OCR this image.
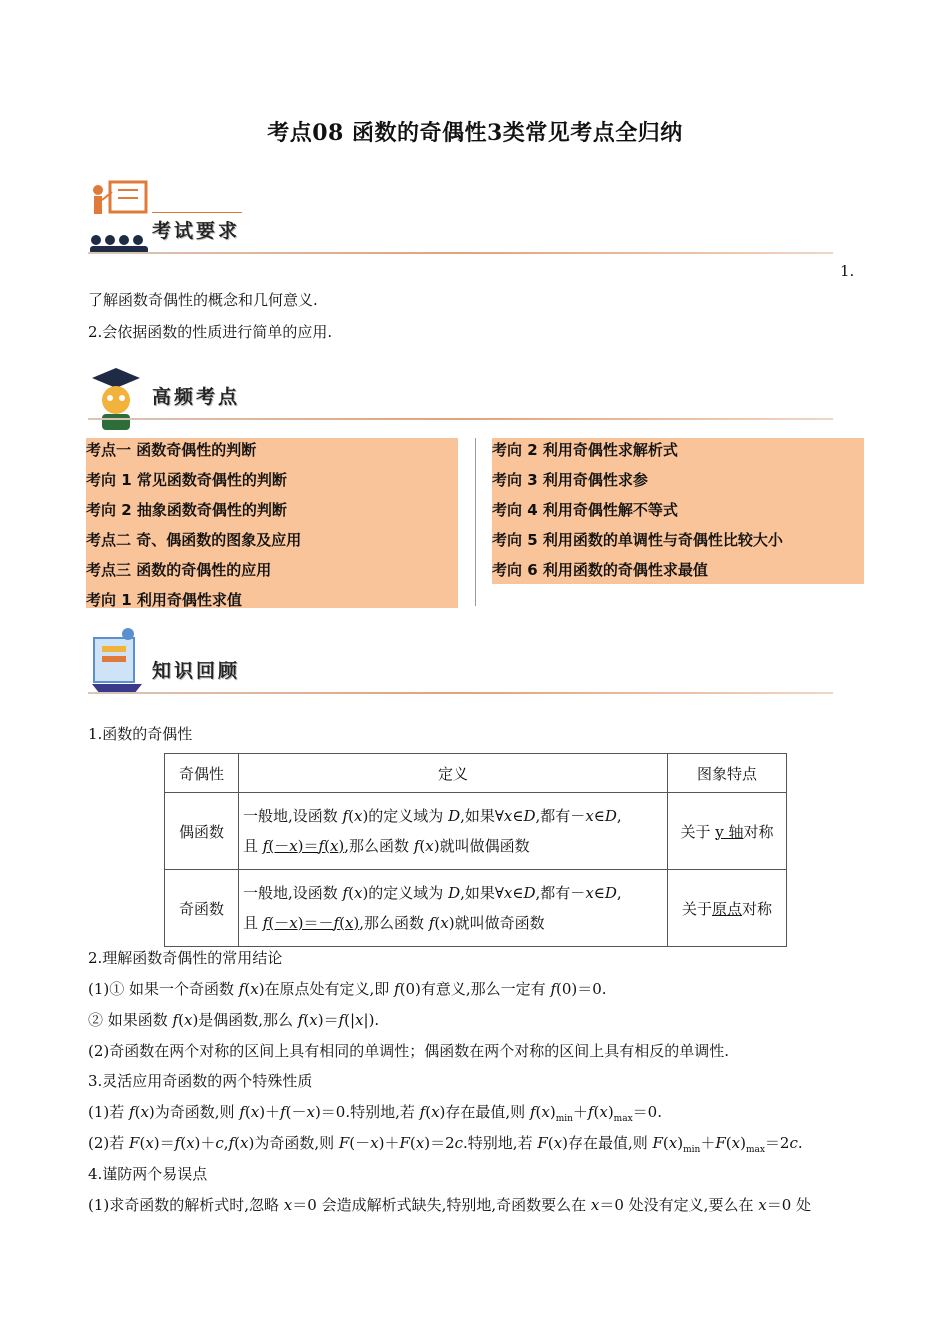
考点08 函数的奇偶性3类常见考点全归纳
考试要求
1.
了解函数奇偶性的概念和几何意义.
2.会依据函数的性质进行简单的应用.
高频考点
考点一 函数奇偶性的判断
考向 1 常见函数奇偶性的判断
考向 2 抽象函数奇偶性的判断
考点二 奇、偶函数的图象及应用
考点三 函数的奇偶性的应用
考向 1 利用奇偶性求值
考向 2 利用奇偶性求解析式
考向 3 利用奇偶性求参
考向 4 利用奇偶性解不等式
考向 5 利用函数的单调性与奇偶性比较大小
考向 6 利用函数的奇偶性求最值
知识回顾
1.函数的奇偶性
奇偶性	定义	图象特点
偶函数	一般地,设函数 f(x)的定义域为 D,如果∀x∈D,都有－x∈D,
且 f(－x)＝f(x),那么函数 f(x)就叫做偶函数	关于 y 轴对称
奇函数	一般地,设函数 f(x)的定义域为 D,如果∀x∈D,都有－x∈D,
且 f(－x)＝－f(x),那么函数 f(x)就叫做奇函数	关于原点对称
2.理解函数奇偶性的常用结论
(1)① 如果一个奇函数 f(x)在原点处有定义,即 f(0)有意义,那么一定有 f(0)＝0.
② 如果函数 f(x)是偶函数,那么 f(x)＝f(|x|).
(2)奇函数在两个对称的区间上具有相同的单调性；偶函数在两个对称的区间上具有相反的单调性.
3.灵活应用奇函数的两个特殊性质
(1)若 f(x)为奇函数,则 f(x)＋f(－x)＝0.特别地,若 f(x)存在最值,则 $f(x)_{min}+f(x)_{max}=0$.
(2)若 F(x)＝f(x)＋c,f(x)为奇函数,则 F(－x)＋F(x)＝2c.特别地,若 F(x)存在最值,则 $F(x)_{min}+F(x)_{max}=2c$.
4.谨防两个易误点
(1)求奇函数的解析式时,忽略 x＝0 会造成解析式缺失,特别地,奇函数要么在 x＝0 处没有定义,要么在 x＝0 处
